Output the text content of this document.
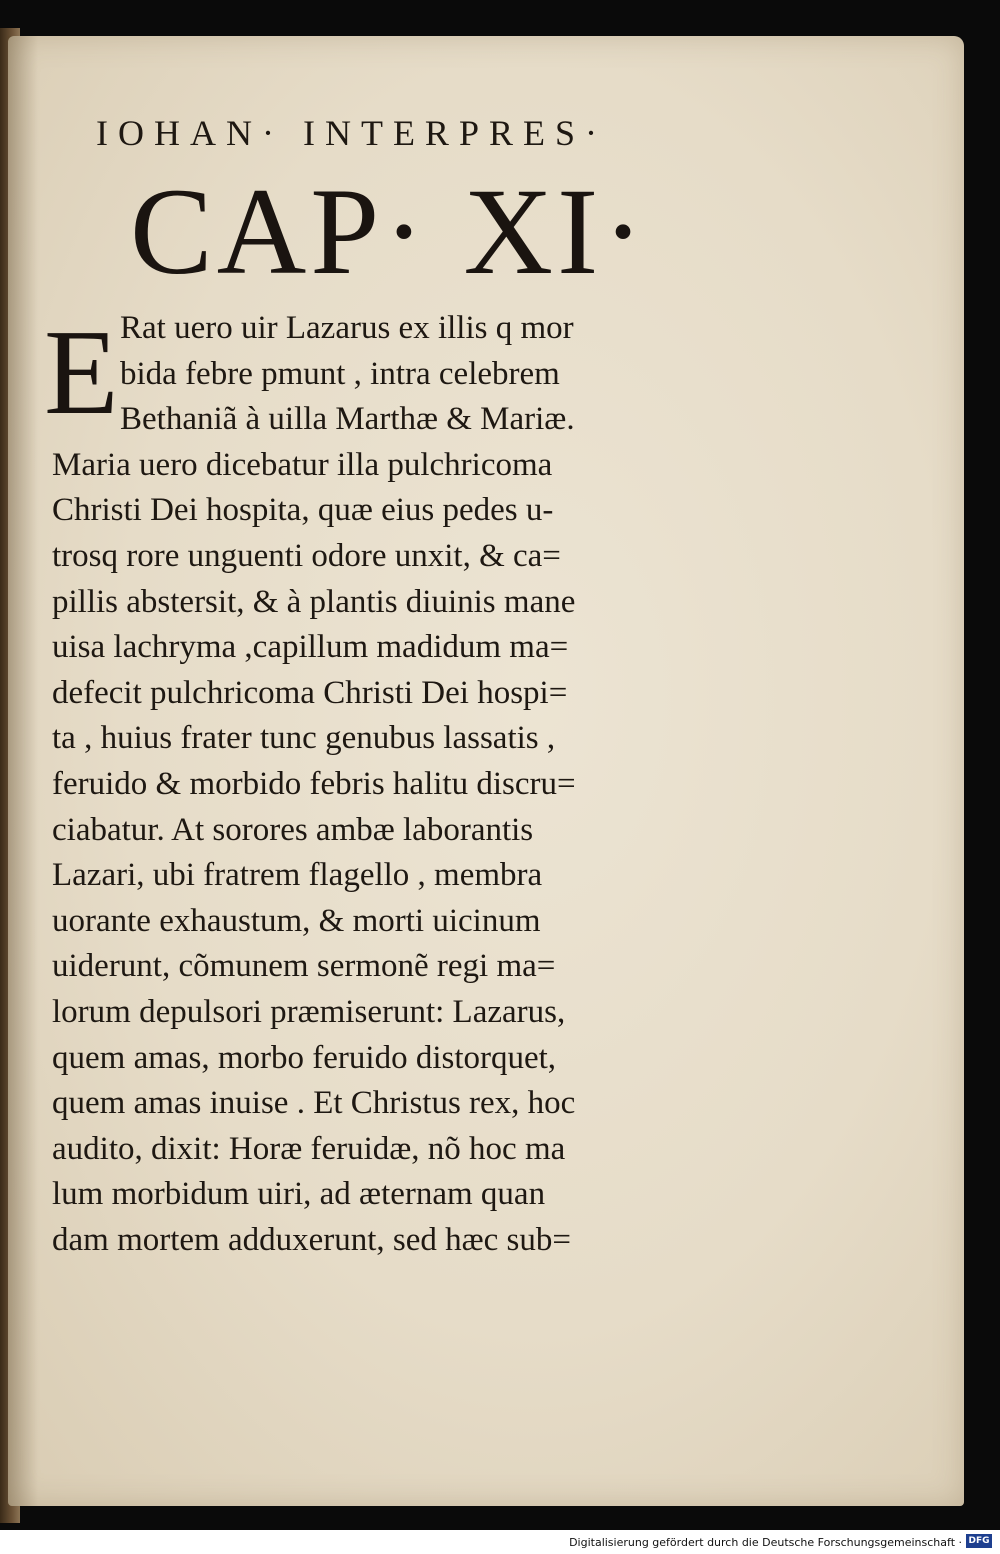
IOHAN· INTERPRES·
CAP· XI·
E Rat uero uir Lazarus ex illis q mor
bida febre pmunt , intra celebrem
Bethaniã à uilla Marthæ & Mariæ.
Maria uero dicebatur illa pulchricoma
Christi Dei hospita, quæ eius pedes u-
trosq rore unguenti odore unxit, & ca=
pillis abstersit, & à plantis diuinis mane
uisa lachryma ,capillum madidum ma=
defecit pulchricoma Christi Dei hospi=
ta , huius frater tunc genubus lassatis ,
feruido & morbido febris halitu discru=
ciabatur. At sorores ambæ laborantis
Lazari, ubi fratrem flagello , membra
uorante exhaustum, & morti uicinum
uiderunt, cõmunem sermonẽ regi ma=
lorum depulsori præmiserunt: Lazarus,
quem amas, morbo feruido distorquet,
quem amas inuise . Et Christus rex, hoc
audito, dixit: Horæ feruidæ, nõ hoc ma
lum morbidum uiri, ad æternam quan
dam mortem adduxerunt, sed hæc sub=
Digitalisierung gefördert durch die Deutsche Forschungsgemeinschaft · DFG
